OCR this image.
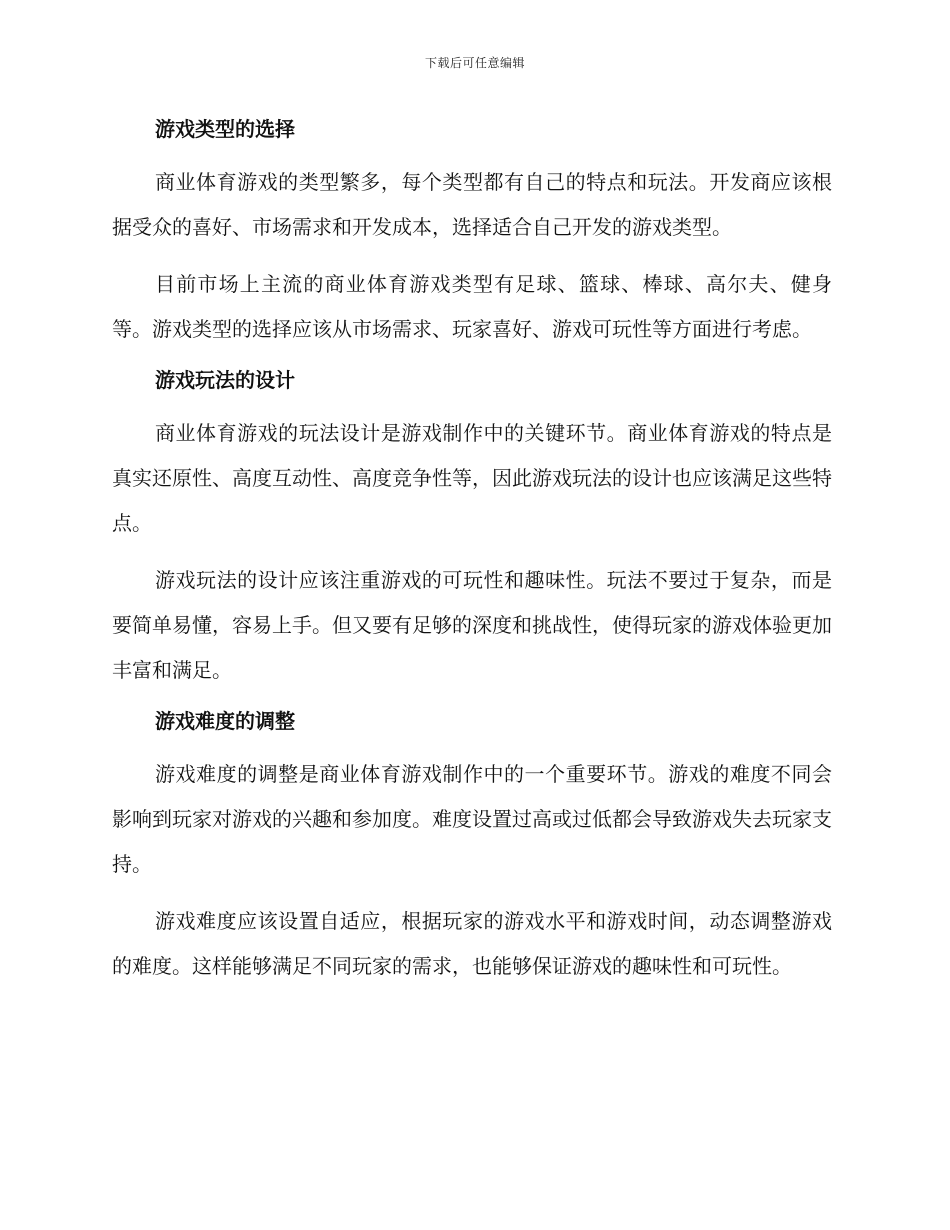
下载后可任意编辑
游戏类型的选择

商业体育游戏的类型繁多，每个类型都有自己的特点和玩法。开发商应该根据受众的喜好、市场需求和开发成本，选择适合自己开发的游戏类型。

目前市场上主流的商业体育游戏类型有足球、篮球、棒球、高尔夫、健身等。游戏类型的选择应该从市场需求、玩家喜好、游戏可玩性等方面进行考虑。

游戏玩法的设计

商业体育游戏的玩法设计是游戏制作中的关键环节。商业体育游戏的特点是真实还原性、高度互动性、高度竞争性等，因此游戏玩法的设计也应该满足这些特点。

游戏玩法的设计应该注重游戏的可玩性和趣味性。玩法不要过于复杂，而是要简单易懂，容易上手。但又要有足够的深度和挑战性，使得玩家的游戏体验更加丰富和满足。

游戏难度的调整

游戏难度的调整是商业体育游戏制作中的一个重要环节。游戏的难度不同会影响到玩家对游戏的兴趣和参加度。难度设置过高或过低都会导致游戏失去玩家支持。

游戏难度应该设置自适应，根据玩家的游戏水平和游戏时间，动态调整游戏的难度。这样能够满足不同玩家的需求，也能够保证游戏的趣味性和可玩性。
